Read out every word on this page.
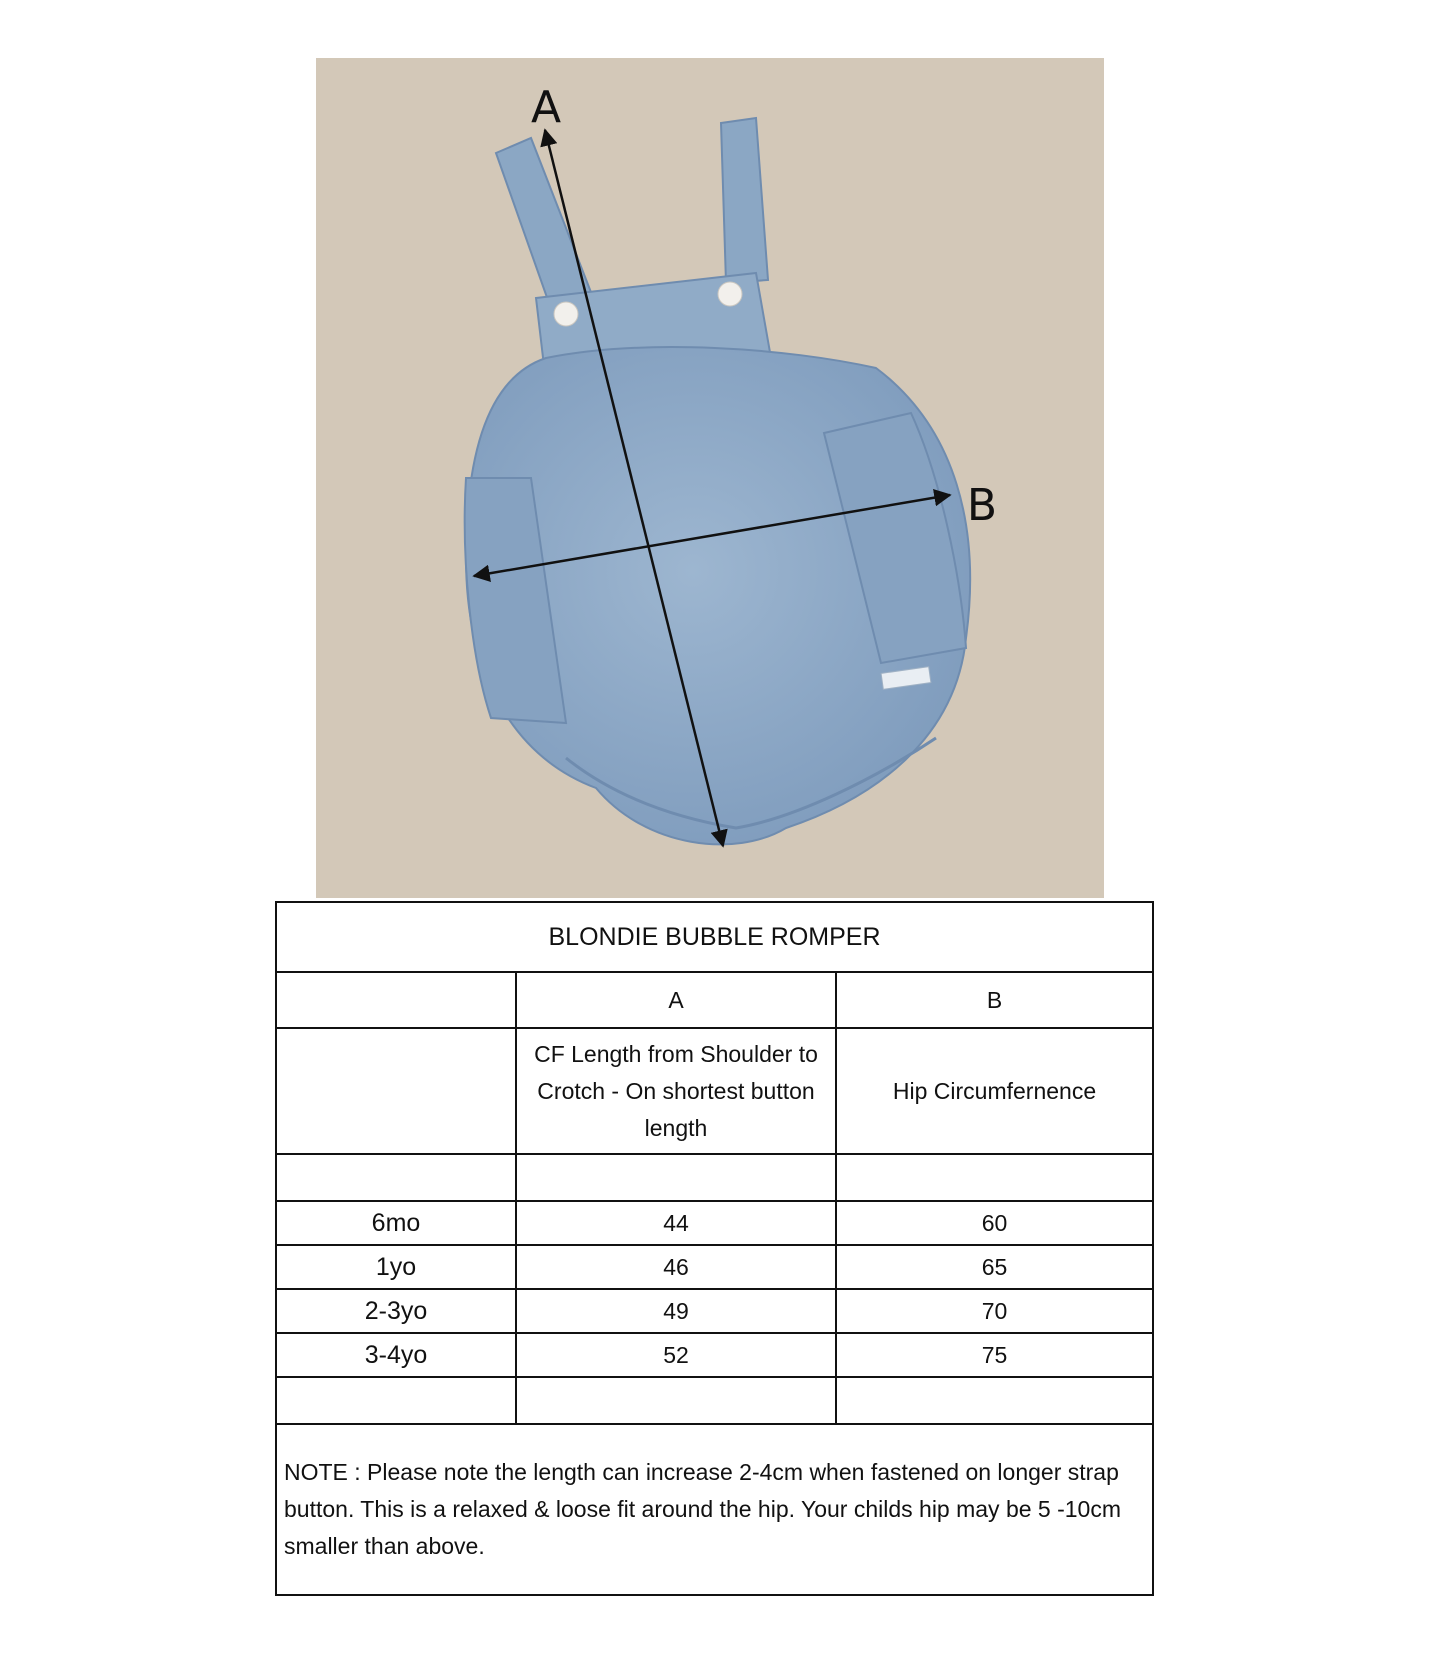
A
B
BLONDIE BUBBLE ROMPER		
	A	B
	CF Length from Shoulder to Crotch - On shortest button length	Hip Circumfernence

6mo	44	60
1yo	46	65
2-3yo	49	70
3-4yo	52	75

NOTE : Please note the length can increase 2-4cm when fastened on longer strap button. This is a relaxed & loose fit around the hip. Your childs hip may be 5 -10cm smaller than above.		
